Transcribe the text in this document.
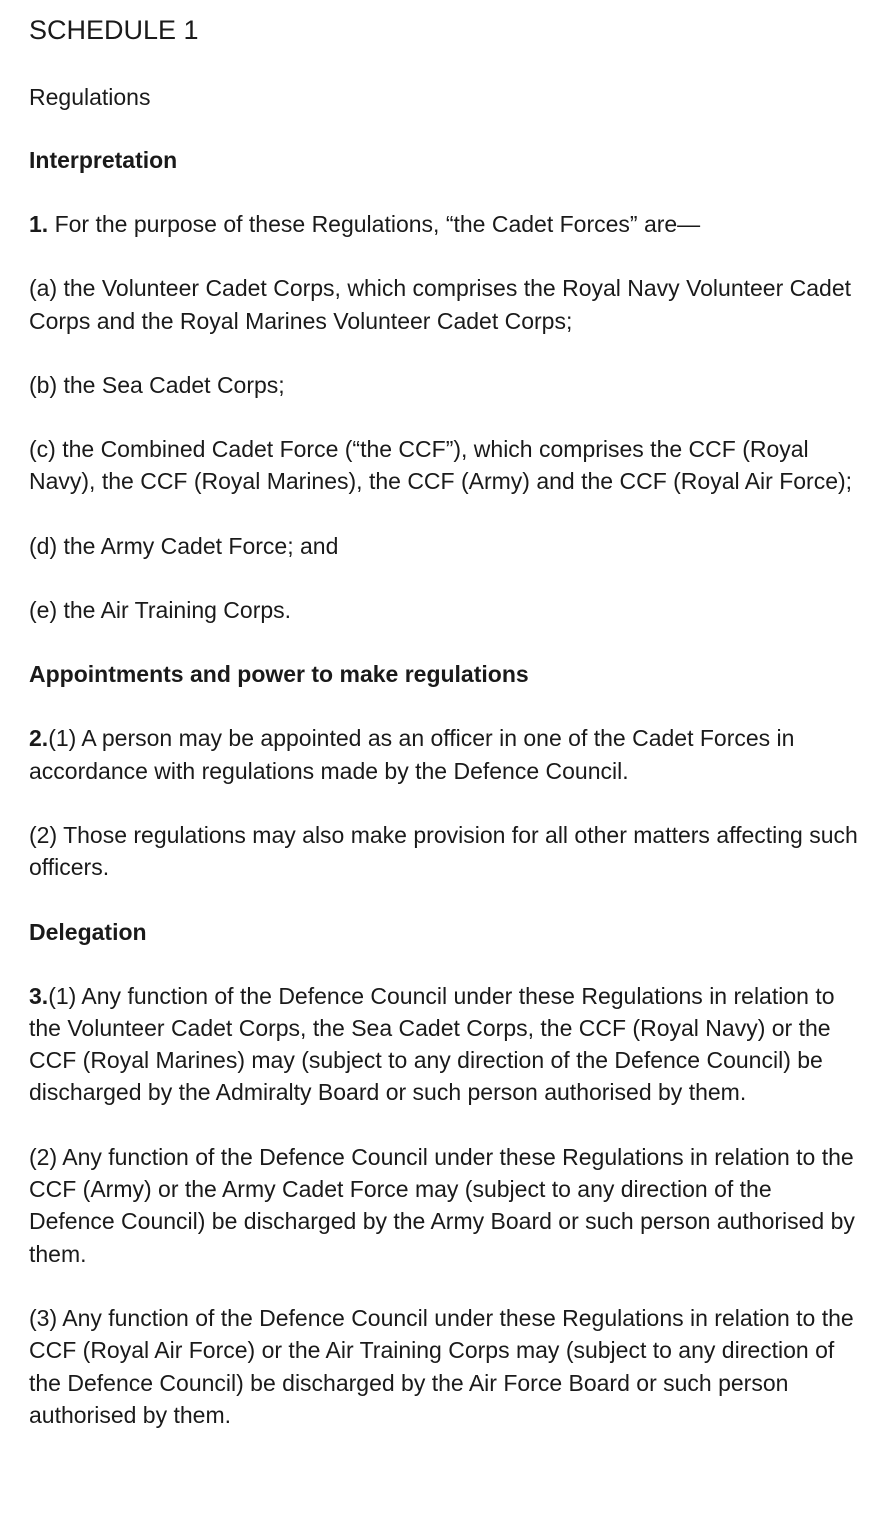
SCHEDULE 1
Regulations
Interpretation

1. For the purpose of these Regulations, “the Cadet Forces” are—

(a) the Volunteer Cadet Corps, which comprises the Royal Navy Volunteer Cadet Corps and the Royal Marines Volunteer Cadet Corps;

(b) the Sea Cadet Corps;

(c) the Combined Cadet Force (“the CCF”), which comprises the CCF (Royal Navy), the CCF (Royal Marines), the CCF (Army) and the CCF (Royal Air Force);

(d) the Army Cadet Force; and

(e) the Air Training Corps.

Appointments and power to make regulations

2.(1) A person may be appointed as an officer in one of the Cadet Forces in accordance with regulations made by the Defence Council.

(2) Those regulations may also make provision for all other matters affecting such officers.

Delegation

3.(1) Any function of the Defence Council under these Regulations in relation to the Volunteer Cadet Corps, the Sea Cadet Corps, the CCF (Royal Navy) or the CCF (Royal Marines) may (subject to any direction of the Defence Council) be discharged by the Admiralty Board or such person authorised by them.

(2) Any function of the Defence Council under these Regulations in relation to the CCF (Army) or the Army Cadet Force may (subject to any direction of the Defence Council) be discharged by the Army Board or such person authorised by them.

(3) Any function of the Defence Council under these Regulations in relation to the CCF (Royal Air Force) or the Air Training Corps may (subject to any direction of the Defence Council) be discharged by the Air Force Board or such person authorised by them.
